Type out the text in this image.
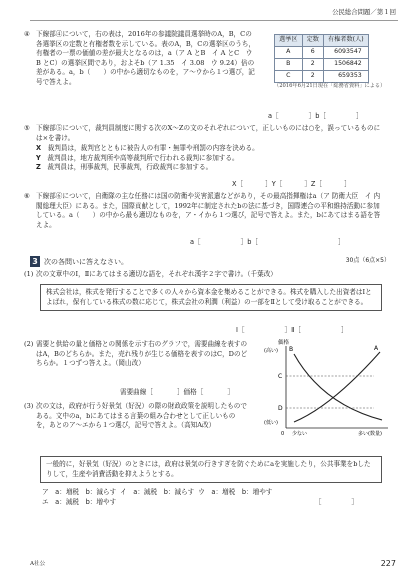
公民総合問題／第１回
④ 下線部④について，右の表は，2016年の参議院議員選挙時のA，B，Cの各選挙区の定数と有権者数を示している。表のA，B，Cの選挙区のうち，有権者の一票の価値の差が最大となるのは，a（ア A とB　イ A とC　ウ B とC）の選挙区間であり，およそb（ア 1.35　イ 3.08　ウ 9.24）倍の差がある。a，b（　　）の中から適切なものを，ア〜ウから１つ選び，記号で答えよ。

選挙区	定数	有権者数(人)
A	6	6093547
B	2	1506842
C	2	659353
（2016年6月21日現在「総務省資料」による）
a［	］b［	］
⑤ 下線部⑤について，裁判員制度に関する次のX〜Zの文のそれぞれについて，正しいものには○を，誤っているものには×を書け。

X　 裁判員は，裁判官とともに被告人の有罪・無罪や刑罰の内容を決める。

Y　 裁判員は，地方裁判所や高等裁判所で行われる裁判に参加する。

Z　 裁判員は，刑事裁判，民事裁判，行政裁判に参加する。

X［	］Y［	］Z［	］
⑥ 下線部⑥について，自衛隊の主な任務には国の防衛や災害派遣などがあり，その最高指揮権はa（ア 防衛大臣　イ 内閣総理大臣）にある。また，国際貢献として，1992年に制定されたbの法に基づき，国際連合の平和維持活動に参加している。a（　　）の中から最も適切なものを，ア・イから１つ選び，記号で答えよ。また，bにあてはまる語を答えよ。

a［	］b［	］
3 次の各問いに答えなさい。	30点（6点×5）
(1) 次の文章中のⅠ，Ⅱにあてはまる適切な語を，それぞれ漢字２字で書け。（千葉改）

株式会社は，株式を発行することで多くの人々から資本金を集めることができる。株式を購入した出資者はⅠとよばれ，保有している株式の数に応じて，株式会社の利潤（利益）の一部をⅡとして受け取ることができる。

Ⅰ［	］Ⅱ［	］
(2) 需要と供給の量と価格との関係を示す右のグラフで，需要曲線を表すのはA，Bのどちらか。また，売れ残りが生じる価格を表すのはC，Dのどちらか。１つずつ答えよ。（岡山改）

需要曲線［	］価格［	］
価格
(高い)
(低い)
0 少ない	多い(数量)
A
B
C
D
(3) 次の文は，政府が行う好景気（好況）の際の財政政策を説明したものである。文中のa，bにあてはまる言葉の組み合わせとして正しいものを，あとのア〜エから１つ選び，記号で答えよ。（高知A改）

一般的に，好景気（好況）のときには，政府は景気の行きすぎを防ぐためにaを実施したり，公共事業をbしたりして，生産や消費活動を抑えようとする。

ア　a：増税　b：減らす イ　a：減税　b：減らす ウ　a：増税　b：増やす
エ　a：減税　b：増やす	［	］
A社公	227
